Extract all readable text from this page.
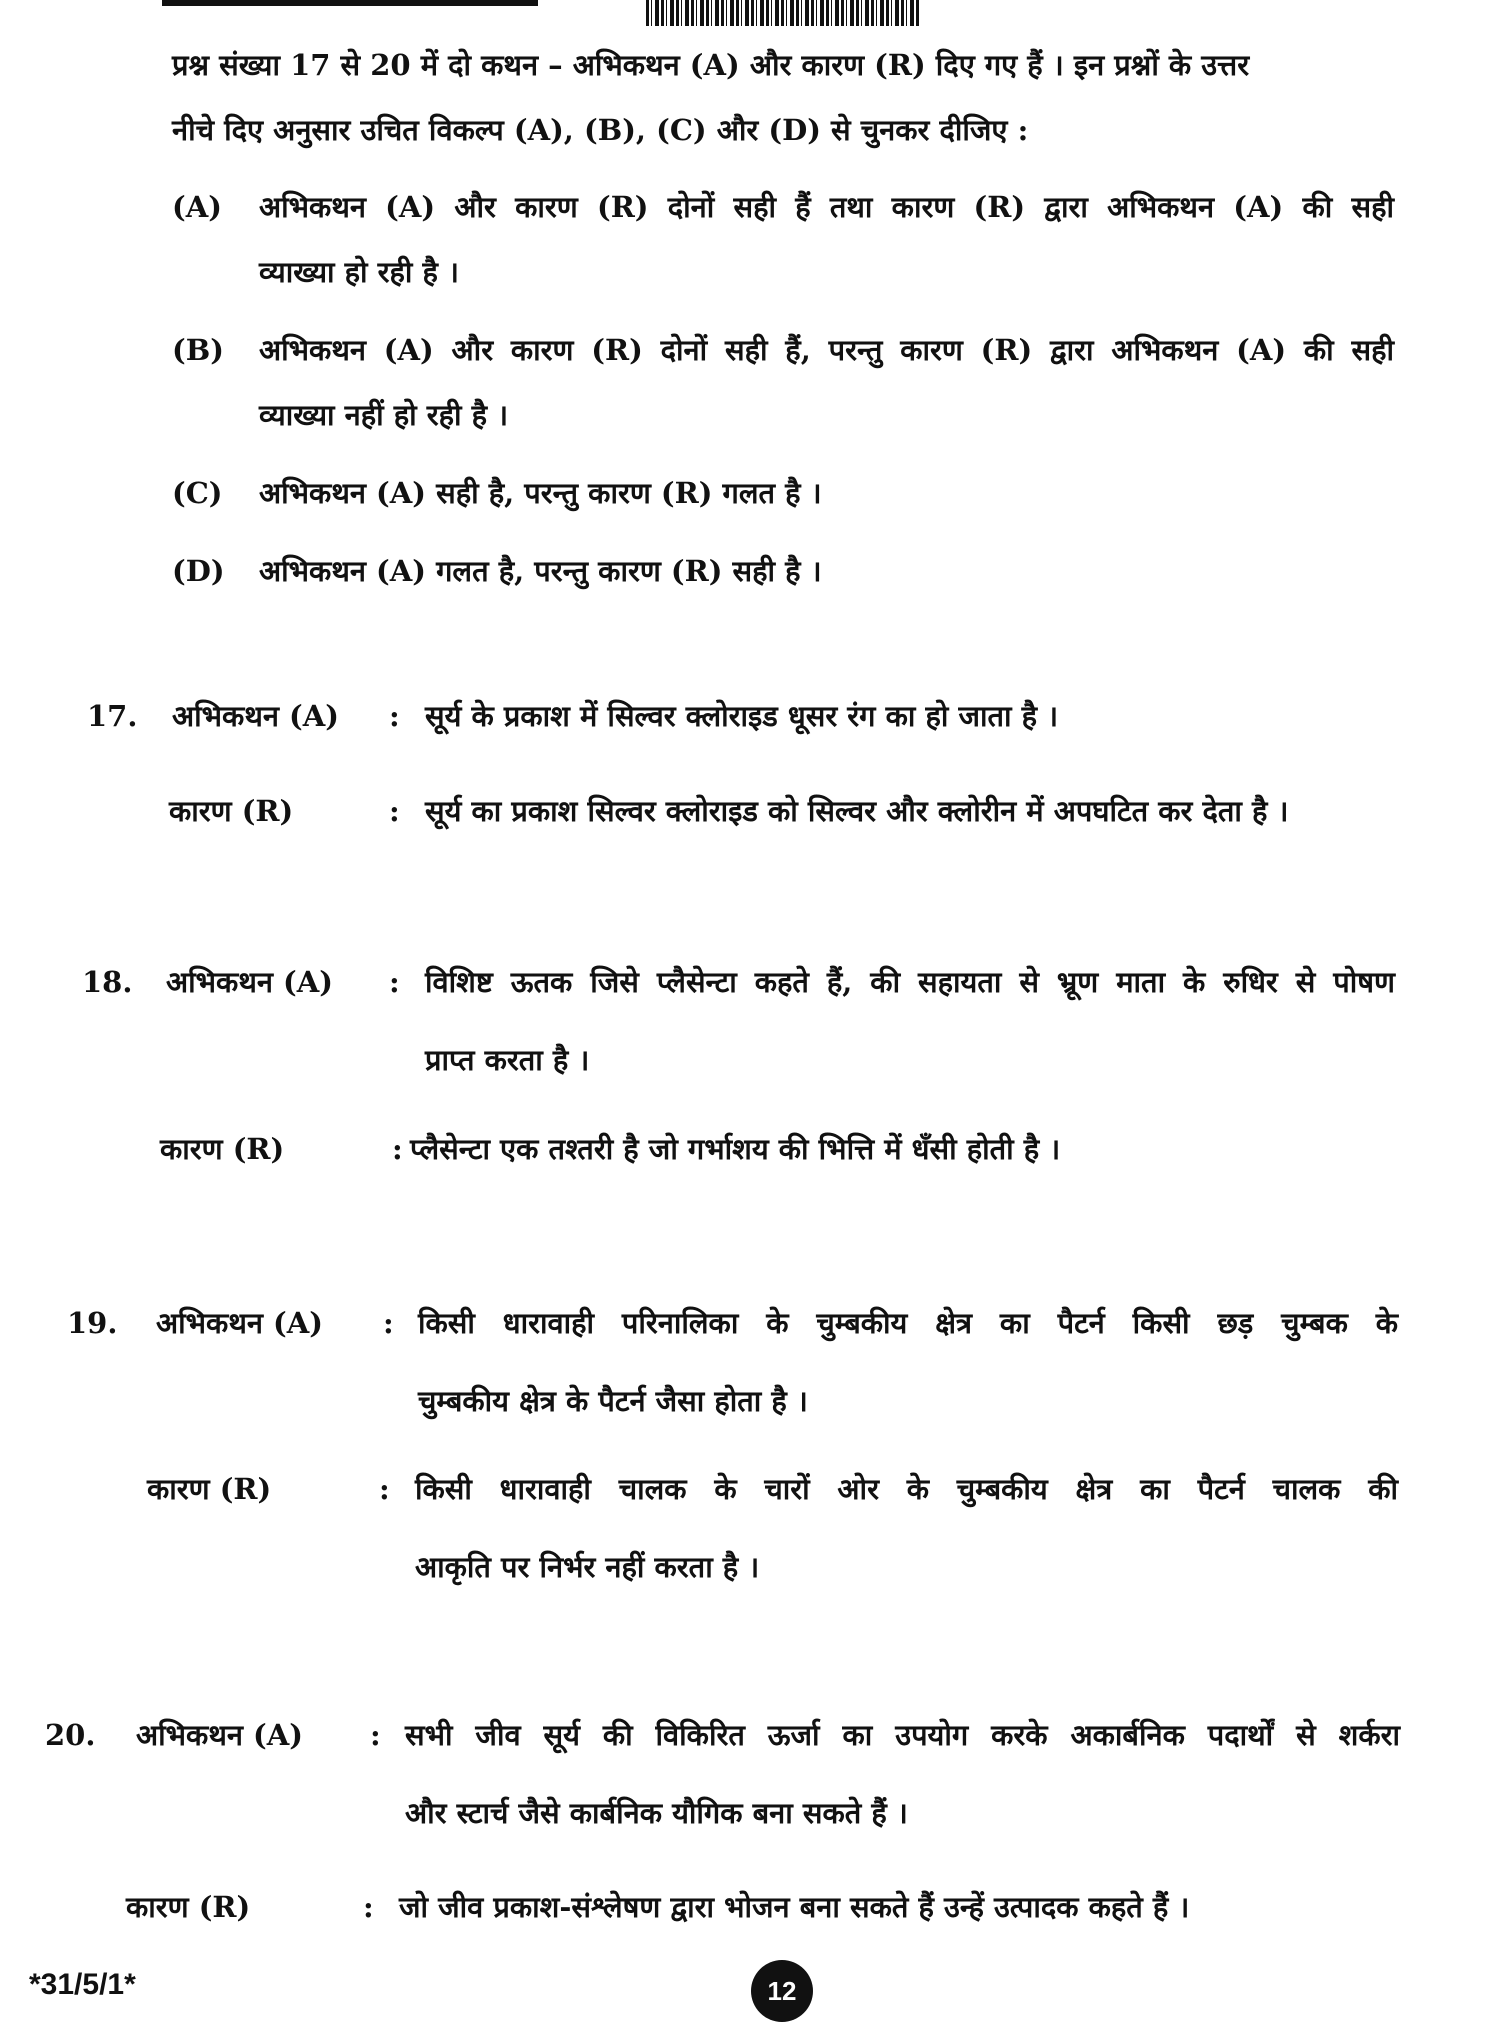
प्रश्न संख्या 17 से 20 में दो कथन – अभिकथन (A) और कारण (R) दिए गए हैं । इन प्रश्नों के उत्तर
नीचे दिए अनुसार उचित विकल्प (A), (B), (C) और (D) से चुनकर दीजिए :
(A) अभिकथन (A) और कारण (R) दोनों सही हैं तथा कारण (R) द्वारा अभिकथन (A) की सही
व्याख्या हो रही है ।
(B) अभिकथन (A) और कारण (R) दोनों सही हैं, परन्तु कारण (R) द्वारा अभिकथन (A) की सही
व्याख्या नहीं हो रही है ।
(C) अभिकथन (A) सही है, परन्तु कारण (R) गलत है ।
(D) अभिकथन (A) गलत है, परन्तु कारण (R) सही है ।
17. अभिकथन (A) : सूर्य के प्रकाश में सिल्वर क्लोराइड धूसर रंग का हो जाता है ।
कारण (R)	: सूर्य का प्रकाश सिल्वर क्लोराइड को सिल्वर और क्लोरीन में अपघटित कर देता है ।
18. अभिकथन (A) : विशिष्ट ऊतक जिसे प्लैसेन्टा कहते हैं, की सहायता से भ्रूण माता के रुधिर से पोषण
प्राप्त करता है ।
कारण (R)	: प्लैसेन्टा एक तश्तरी है जो गर्भाशय की भित्ति में धँसी होती है ।
19. अभिकथन (A) : किसी धारावाही परिनालिका के चुम्बकीय क्षेत्र का पैटर्न किसी छड़ चुम्बक के
चुम्बकीय क्षेत्र के पैटर्न जैसा होता है ।
कारण (R)	: किसी धारावाही चालक के चारों ओर के चुम्बकीय क्षेत्र का पैटर्न चालक की
आकृति पर निर्भर नहीं करता है ।
20. अभिकथन (A) : सभी जीव सूर्य की विकिरित ऊर्जा का उपयोग करके अकार्बनिक पदार्थों से शर्करा
और स्टार्च जैसे कार्बनिक यौगिक बना सकते हैं ।
कारण (R)	: जो जीव प्रकाश-संश्लेषण द्वारा भोजन बना सकते हैं उन्हें उत्पादक कहते हैं ।
*31/5/1*	12
